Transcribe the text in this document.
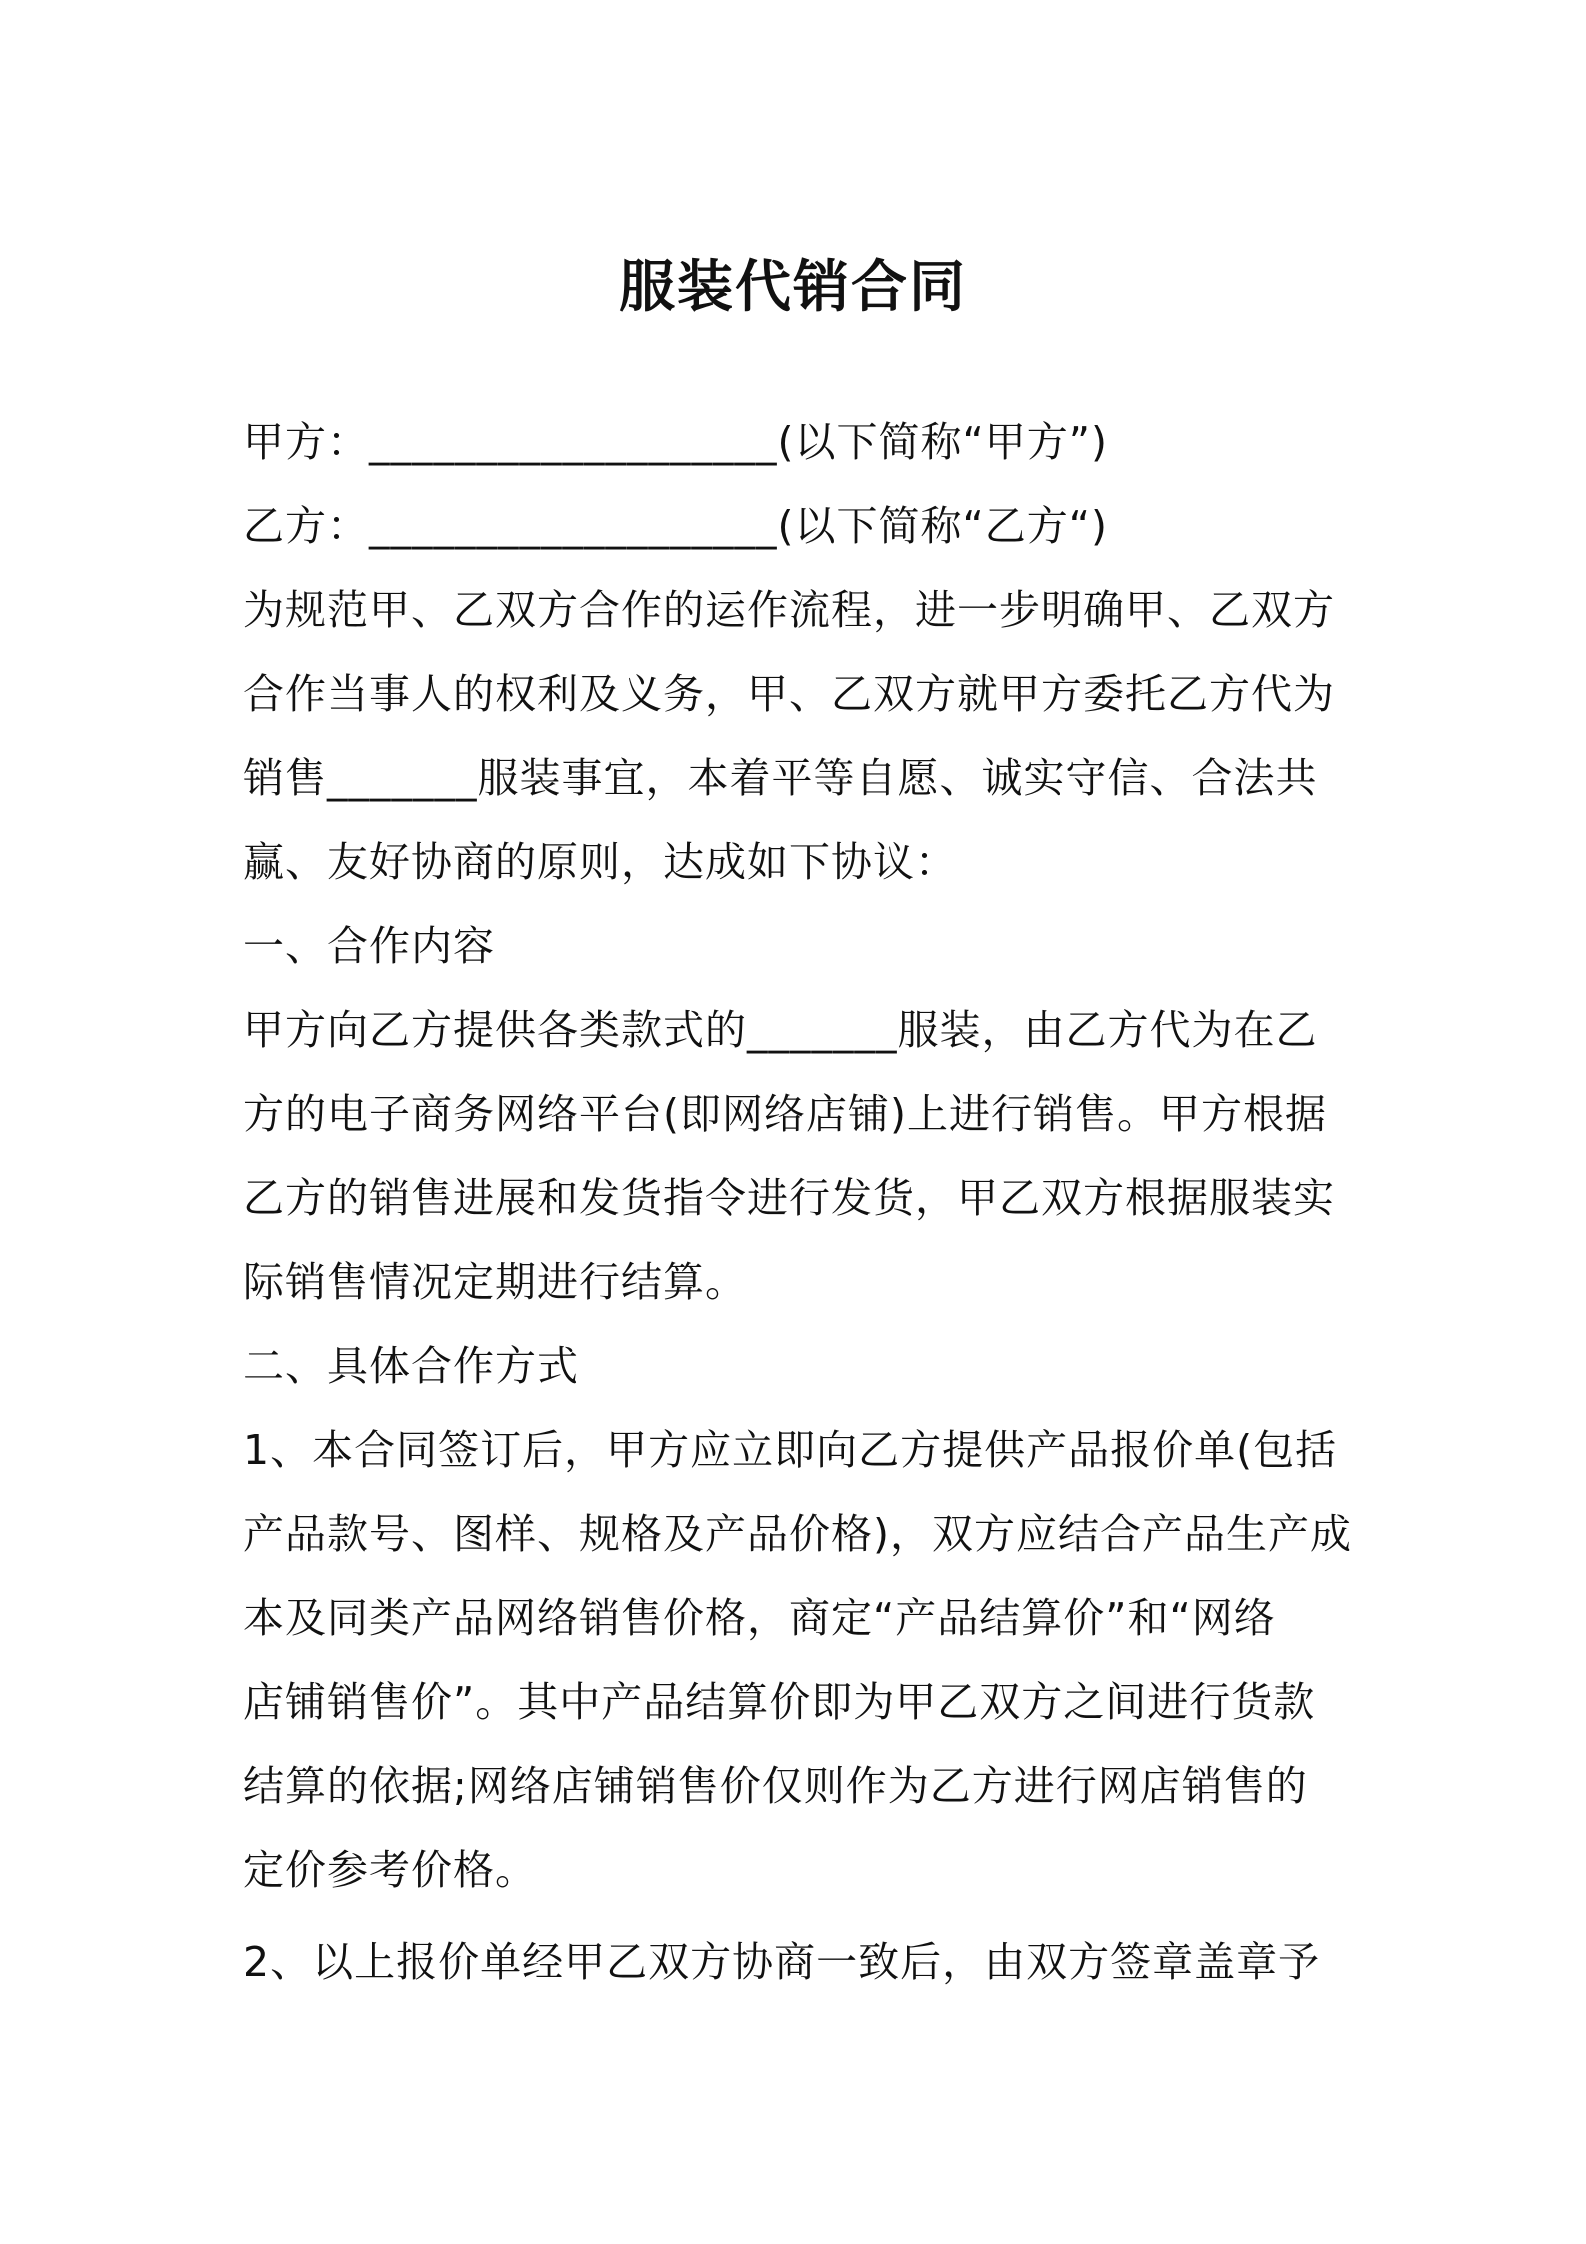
服装代销合同

甲方：___________________(以下简称“甲方”)

乙方：___________________(以下简称“乙方“)

为规范甲、乙双方合作的运作流程，进一步明确甲、乙双方

合作当事人的权利及义务，甲、乙双方就甲方委托乙方代为

销售_______服装事宜，本着平等自愿、诚实守信、合法共

赢、友好协商的原则，达成如下协议：

一、合作内容

甲方向乙方提供各类款式的_______服装，由乙方代为在乙

方的电子商务网络平台(即网络店铺)上进行销售。甲方根据

乙方的销售进展和发货指令进行发货，甲乙双方根据服装实

际销售情况定期进行结算。

二、具体合作方式

1、本合同签订后，甲方应立即向乙方提供产品报价单(包括

产品款号、图样、规格及产品价格)，双方应结合产品生产成

本及同类产品网络销售价格，商定“产品结算价”和“网络

店铺销售价”。其中产品结算价即为甲乙双方之间进行货款

结算的依据;网络店铺销售价仅则作为乙方进行网店销售的

定价参考价格。

2、以上报价单经甲乙双方协商一致后，由双方签章盖章予
